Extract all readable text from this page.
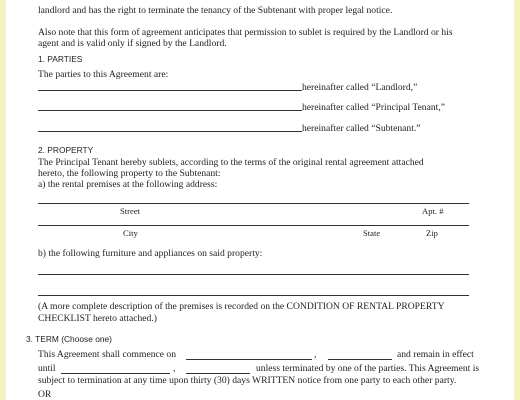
landlord and has the right to terminate the tenancy of the Subtenant with proper legal notice.
Also note that this form of agreement anticipates that permission to sublet is required by the Landlord or his
agent and is valid only if signed by the Landlord.
1. PARTIES
The parties to this Agreement are:
hereinafter called “Landlord,”
hereinafter called “Principal Tenant,”
hereinafter called “Subtenant.”
2. PROPERTY
The Principal Tenant hereby sublets, according to the terms of the original rental agreement attached
hereto, the following property to the Subtenant:
a) the rental premises at the following address:
Street	Apt. #
City	State	Zip
b) the following furniture and appliances on said property:
(A more complete description of the premises is recorded on the CONDITION OF RENTAL PROPERTY
CHECKLIST hereto attached.)
3. TERM (Choose one)
This Agreement shall commence on	,	and remain in effect
until	,	unless terminated by one of the parties. This Agreement is
subject to termination at any time upon thirty (30) days WRITTEN notice from one party to each other party.
OR
